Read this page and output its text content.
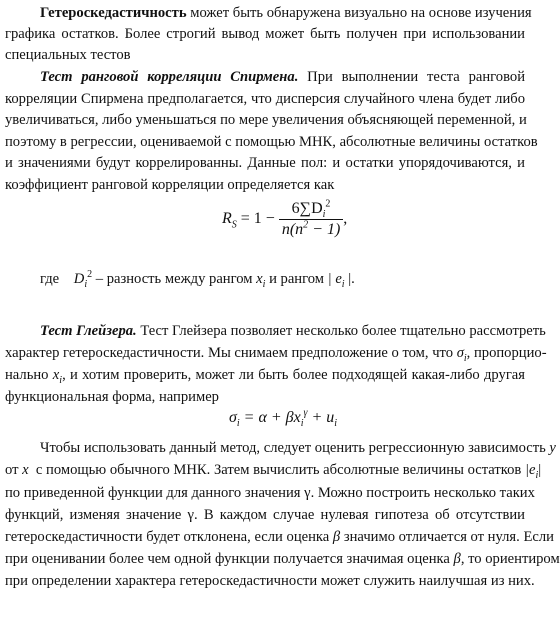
Гетероскедастичность может быть обнаружена визуально на основе изучения
графика остатков. Более строгий вывод может быть получен при использовании
специальных тестов
Тест ранговой корреляции Спирмена. При выполнении теста ранговой
корреляции Спирмена предполагается, что дисперсия случайного члена будет либо
увеличиваться, либо уменьшаться по мере увеличения объясняющей переменной, и
поэтому в регрессии, оцениваемой с помощью МНК, абсолютные величины остатков
и значениями будут коррелированны. Данные пол: и остатки упорядочиваются, и
коэффициент ранговой корреляции определяется как
$R_S = 1 - \frac{6\sum D_i^2}{n(n^2 - 1)}$ ,
где $D_i^2$ – разность между рангом $x_i$ и рангом | $e_i$ |.
Тест Глейзера. Тест Глейзера позволяет несколько более тщательно рассмотреть
характер гетероскедастичности. Мы снимаем предположение о том, что $\sigma_i$, пропорцио-
нально $x_i$, и хотим проверить, может ли быть более подходящей какая-либо другая
функциональная форма, например
$\sigma_i = \alpha + \beta x_i^\gamma + u_i$
Чтобы использовать данный метод, следует оценить регрессионную зависимость y
от x с помощью обычного МНК. Затем вычислить абсолютные величины остатков $|e_i|$
по приведенной функции для данного значения γ. Можно построить несколько таких
функций, изменяя значение γ. В каждом случае нулевая гипотеза об отсутствии
гетероскедастичности будет отклонена, если оценка β значимо отличается от нуля. Если
при оценивании более чем одной функции получается значимая оценка β, то ориентиром
при определении характера гетероскедастичности может служить наилучшая из них.
